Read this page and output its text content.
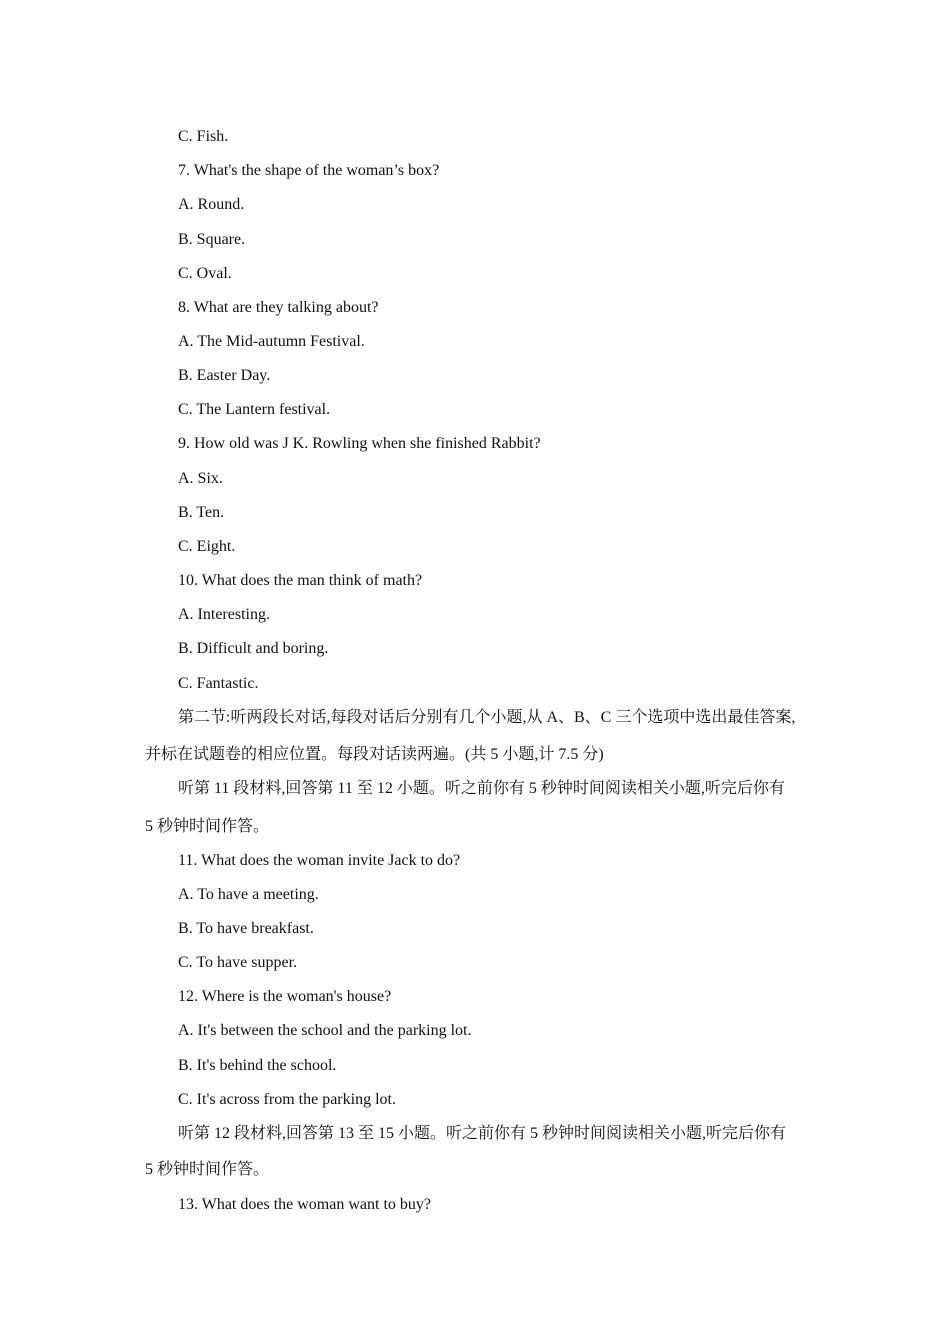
C. Fish.

7. What's the shape of the woman’s box?

A. Round.

B. Square.

C. Oval.

8. What are they talking about?

A. The Mid-autumn Festival.

B. Easter Day.

C. The Lantern festival.

9. How old was J K. Rowling when she finished Rabbit?

A. Six.

B. Ten.

C. Eight.

10. What does the man think of math?

A. Interesting.

B. Difficult and boring.

C. Fantastic.

第二节:听两段长对话,每段对话后分别有几个小题,从 A、B、C 三个选项中选出最佳答案,

并标在试题卷的相应位置。每段对话读两遍。(共 5 小题,计 7.5 分)

听第 11 段材料,回答第 11 至 12 小题。听之前你有 5 秒钟时间阅读相关小题,听完后你有

5 秒钟时间作答。

11. What does the woman invite Jack to do?

A. To have a meeting.

B. To have breakfast.

C. To have supper.

12. Where is the woman's house?

A. It's between the school and the parking lot.

B. It's behind the school.

C. It's across from the parking lot.

听第 12 段材料,回答第 13 至 15 小题。听之前你有 5 秒钟时间阅读相关小题,听完后你有

5 秒钟时间作答。

13. What does the woman want to buy?
